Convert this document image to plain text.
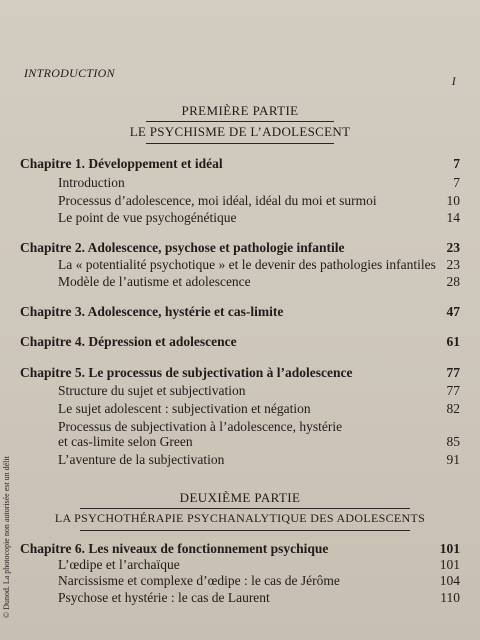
INTRODUCTION
I
PREMIÈRE PARTIE
LE PSYCHISME DE L’ADOLESCENT
Chapitre 1. Développement et idéal	7
Introduction	7
Processus d’adolescence, moi idéal, idéal du moi et surmoi	10
Le point de vue psychogénétique	14
Chapitre 2. Adolescence, psychose et pathologie infantile	23
La « potentialité psychotique » et le devenir des pathologies infantiles 23
Modèle de l’autisme et adolescence	28
Chapitre 3. Adolescence, hystérie et cas-limite	47
Chapitre 4. Dépression et adolescence	61
Chapitre 5. Le processus de subjectivation à l’adolescence	77
Structure du sujet et subjectivation	77
Le sujet adolescent : subjectivation et négation	82
Processus de subjectivation à l’adolescence, hystérie
et cas-limite selon Green	85
L’aventure de la subjectivation	91
DEUXIÈME PARTIE
LA PSYCHOTHÉRAPIE PSYCHANALYTIQUE DES ADOLESCENTS
Chapitre 6. Les niveaux de fonctionnement psychique	101
L’œdipe et l’archaïque	101
Narcissisme et complexe d’œdipe : le cas de Jérôme	104
Psychose et hystérie : le cas de Laurent	110
© Dunod. La photocopie non autorisée est un délit
